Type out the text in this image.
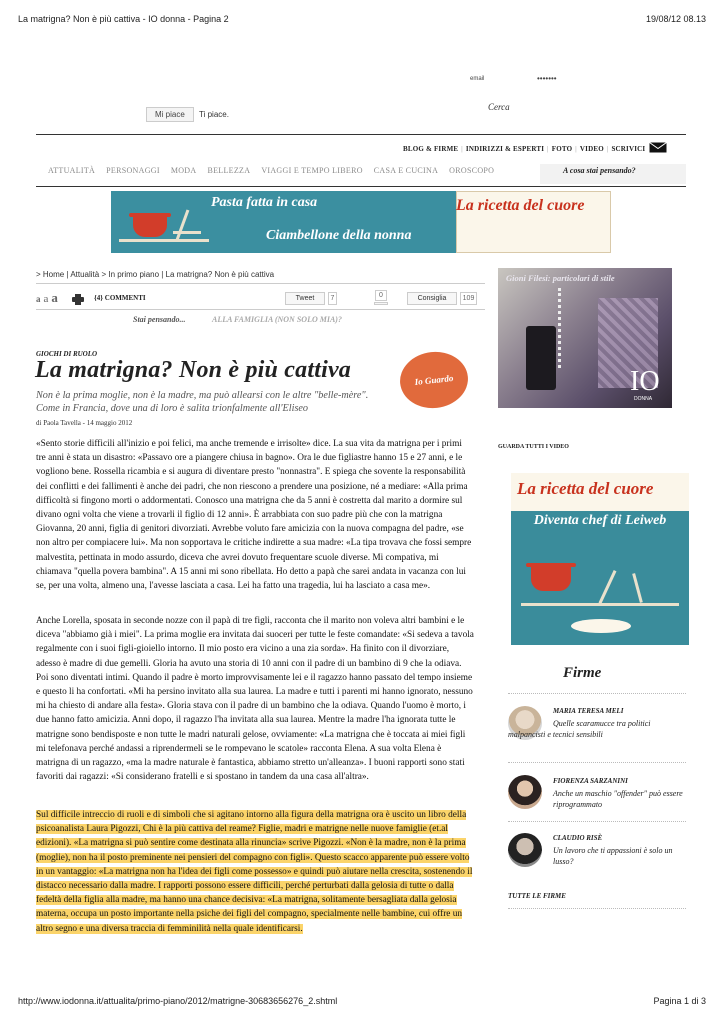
La matrigna? Non è più cattiva - IO donna - Pagina 2	19/08/12 08.13
email	•••••••
Cerca
Mi piace	Ti piace.
BLOG & FIRME | INDIRIZZI & ESPERTI | FOTO | VIDEO | SCRIVICI
ATTUALITÀ PERSONAGGI MODA BELLEZZA VIAGGI E TEMPO LIBERO CASA E CUCINA OROSCOPO	A cosa stai pensando?
Pasta fatta in casa	La ricetta del cuore
Ciambellone della nonna
> Home | Attualità > In primo piano | La matrigna? Non è più cattiva
a a a	{4} COMMENTI	Tweet	7	0	Consiglia	109
Stai pensando...	ALLA FAMIGLIA (NON SOLO MIA)?
GIOCHI DI RUOLO
La matrigna? Non è più cattiva
Non è la prima moglie, non è la madre, ma può allearsi con le altre "belle-mère". Come in Francia, dove una di loro è salita trionfalmente all'Eliseo
di Paola Tavella - 14 maggio 2012
Io Guardo
«Sento storie difficili all'inizio e poi felici, ma anche tremende e irrisolte» dice. La sua vita da matrigna per i primi tre anni è stata un disastro: «Passavo ore a piangere chiusa in bagno». Ora le due figliastre hanno 15 e 27 anni, e le vogliono bene. Rossella ricambia e si augura di diventare presto "nonnastra". E spiega che sovente la responsabilità dei conflitti e dei fallimenti è anche dei padri, che non riescono a prendere una posizione, né a mediare: «Alla prima difficoltà si fingono morti o addormentati. Conosco una matrigna che da 5 anni è costretta dal marito a dormire sul divano ogni volta che viene a trovarli il figlio di 12 anni». È arrabbiata con suo padre più che con la matrigna Giovanna, 20 anni, figlia di genitori divorziati. Avrebbe voluto fare amicizia con la nuova compagna del padre, «se non altro per compiacere lui». Ma non sopportava le critiche indirette a sua madre: «La tipa trovava che fossi sempre malvestita, pettinata in modo assurdo, diceva che avrei dovuto frequentare scuole diverse. Mi compativa, mi chiamava "quella povera bambina". A 15 anni mi sono ribellata. Ho detto a papà che sarei andata in vacanza con lui se, per una volta, almeno una, l'avesse lasciata a casa. Lei ha fatto una tragedia, lui ha lasciato a casa me».
Anche Lorella, sposata in seconde nozze con il papà di tre figli, racconta che il marito non voleva altri bambini e le diceva "abbiamo già i miei". La prima moglie era invitata dai suoceri per tutte le feste comandate: «Si sedeva a tavola regalmente con i suoi figli-gioiello intorno. Il mio posto era vicino a una zia sorda». Ha finito con il divorziare, adesso è madre di due gemelli. Gloria ha avuto una storia di 10 anni con il padre di un bambino di 9 che la odiava. Poi sono diventati intimi. Quando il padre è morto improvvisamente lei e il ragazzo hanno passato del tempo insieme e questo li ha confortati. «Mi ha persino invitato alla sua laurea. La madre e tutti i parenti mi hanno ignorato, nessuno mi ha chiesto di andare alla festa». Gloria stava con il padre di un bambino che la odiava. Quando l'uomo è morto, i due hanno fatto amicizia. Anni dopo, il ragazzo l'ha invitata alla sua laurea. Mentre la madre l'ha ignorata tutte le matrigne sono bendisposte e non tutte le madri naturali gelose, ovviamente: «La matrigna che è toccata ai miei figli mi telefonava perché andassi a riprendermeli se le rompevano le scatole» racconta Elena. A sua volta Elena è matrigna di un ragazzo, «ma la madre naturale è fantastica, abbiamo stretto un'alleanza». I buoni rapporti sono stati favoriti dai ragazzi: «Si considerano fratelli e si spostano in tandem da una casa all'altra».
Sul difficile intreccio di ruoli e di simboli che si agitano intorno alla figura della matrigna ora è uscito un libro della psicoanalista Laura Pigozzi, Chi è la più cattiva del reame? Figlie, madri e matrigne nelle nuove famiglie (et.al edizioni). «La matrigna si può sentire come destinata alla rinuncia» scrive Pigozzi. «Non è la madre, non è la prima (moglie), non ha il posto preminente nei pensieri del compagno con figli». Questo scacco apparente può essere volto in un vantaggio: «La matrigna non ha l'idea dei figli come possesso» e quindi può aiutare nella crescita, sostenendo il distacco necessario dalla madre. I rapporti possono essere difficili, perché perturbati dalla gelosia di tutte o dalla fedeltà della figlia alla madre, ma hanno una chance decisiva: «La matrigna, solitamente bersagliata dalla gelosia materna, occupa un posto importante nella psiche dei figli del compagno, specialmente nelle bambine, cui offre un altro segno e una diversa traccia di femminilità nella quale identificarsi.
Gioni Filesi: particolari di stile
IO
DONNA
GUARDA TUTTI I VIDEO
La ricetta del cuore
Diventa chef di Leiweb
Firme
MARIA TERESA MELI
Quelle scaramucce tra politici malpancisti e tecnici sensibili
FIORENZA SARZANINI
Anche un maschio "offender" può essere riprogrammato
CLAUDIO RISÈ
Un lavoro che ti appassioni è solo un lusso?
TUTTE LE FIRME
http://www.iodonna.it/attualita/primo-piano/2012/matrigne-30683656276_2.shtml	Pagina 1 di 3
